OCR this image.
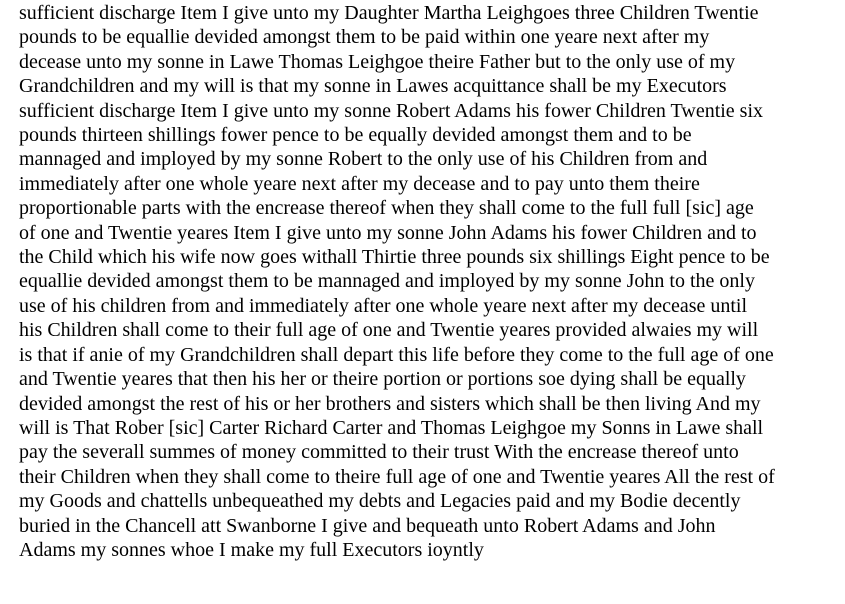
sufficient discharge Item I give unto my Daughter Martha Leighgoes three Children Twentie
pounds to be equallie devided amongst them to be paid within one yeare next after my
decease unto my sonne in Lawe Thomas Leighgoe theire Father but to the only use of my
Grandchildren and my will is that my sonne in Lawes acquittance shall be my Executors
sufficient discharge Item I give unto my sonne Robert Adams his fower Children Twentie six
pounds thirteen shillings fower pence to be equally devided amongst them and to be
mannaged and imployed by my sonne Robert to the only use of his Children from and
immediately after one whole yeare next after my decease and to pay unto them theire
proportionable parts with the encrease thereof when they shall come to the full full [sic] age
of one and Twentie yeares Item I give unto my sonne John Adams his fower Children and to
the Child which his wife now goes withall Thirtie three pounds six shillings Eight pence to be
equallie devided amongst them to be mannaged and imployed by my sonne John to the only
use of his children from and immediately after one whole yeare next after my decease until
his Children shall come to their full age of one and Twentie yeares provided alwaies my will
is that if anie of my Grandchildren shall depart this life before they come to the full age of one
and Twentie yeares that then his her or theire portion or portions soe dying shall be equally
devided amongst the rest of his or her brothers and sisters which shall be then living And my
will is That Rober [sic] Carter Richard Carter and Thomas Leighgoe my Sonns in Lawe shall
pay the severall summes of money committed to their trust With the encrease thereof unto
their Children when they shall come to theire full age of one and Twentie yeares All the rest of
my Goods and chattells unbequeathed my debts and Legacies paid and my Bodie decently
buried in the Chancell att Swanborne I give and bequeath unto Robert Adams and John
Adams my sonnes whoe I make my full Executors ioyntly
